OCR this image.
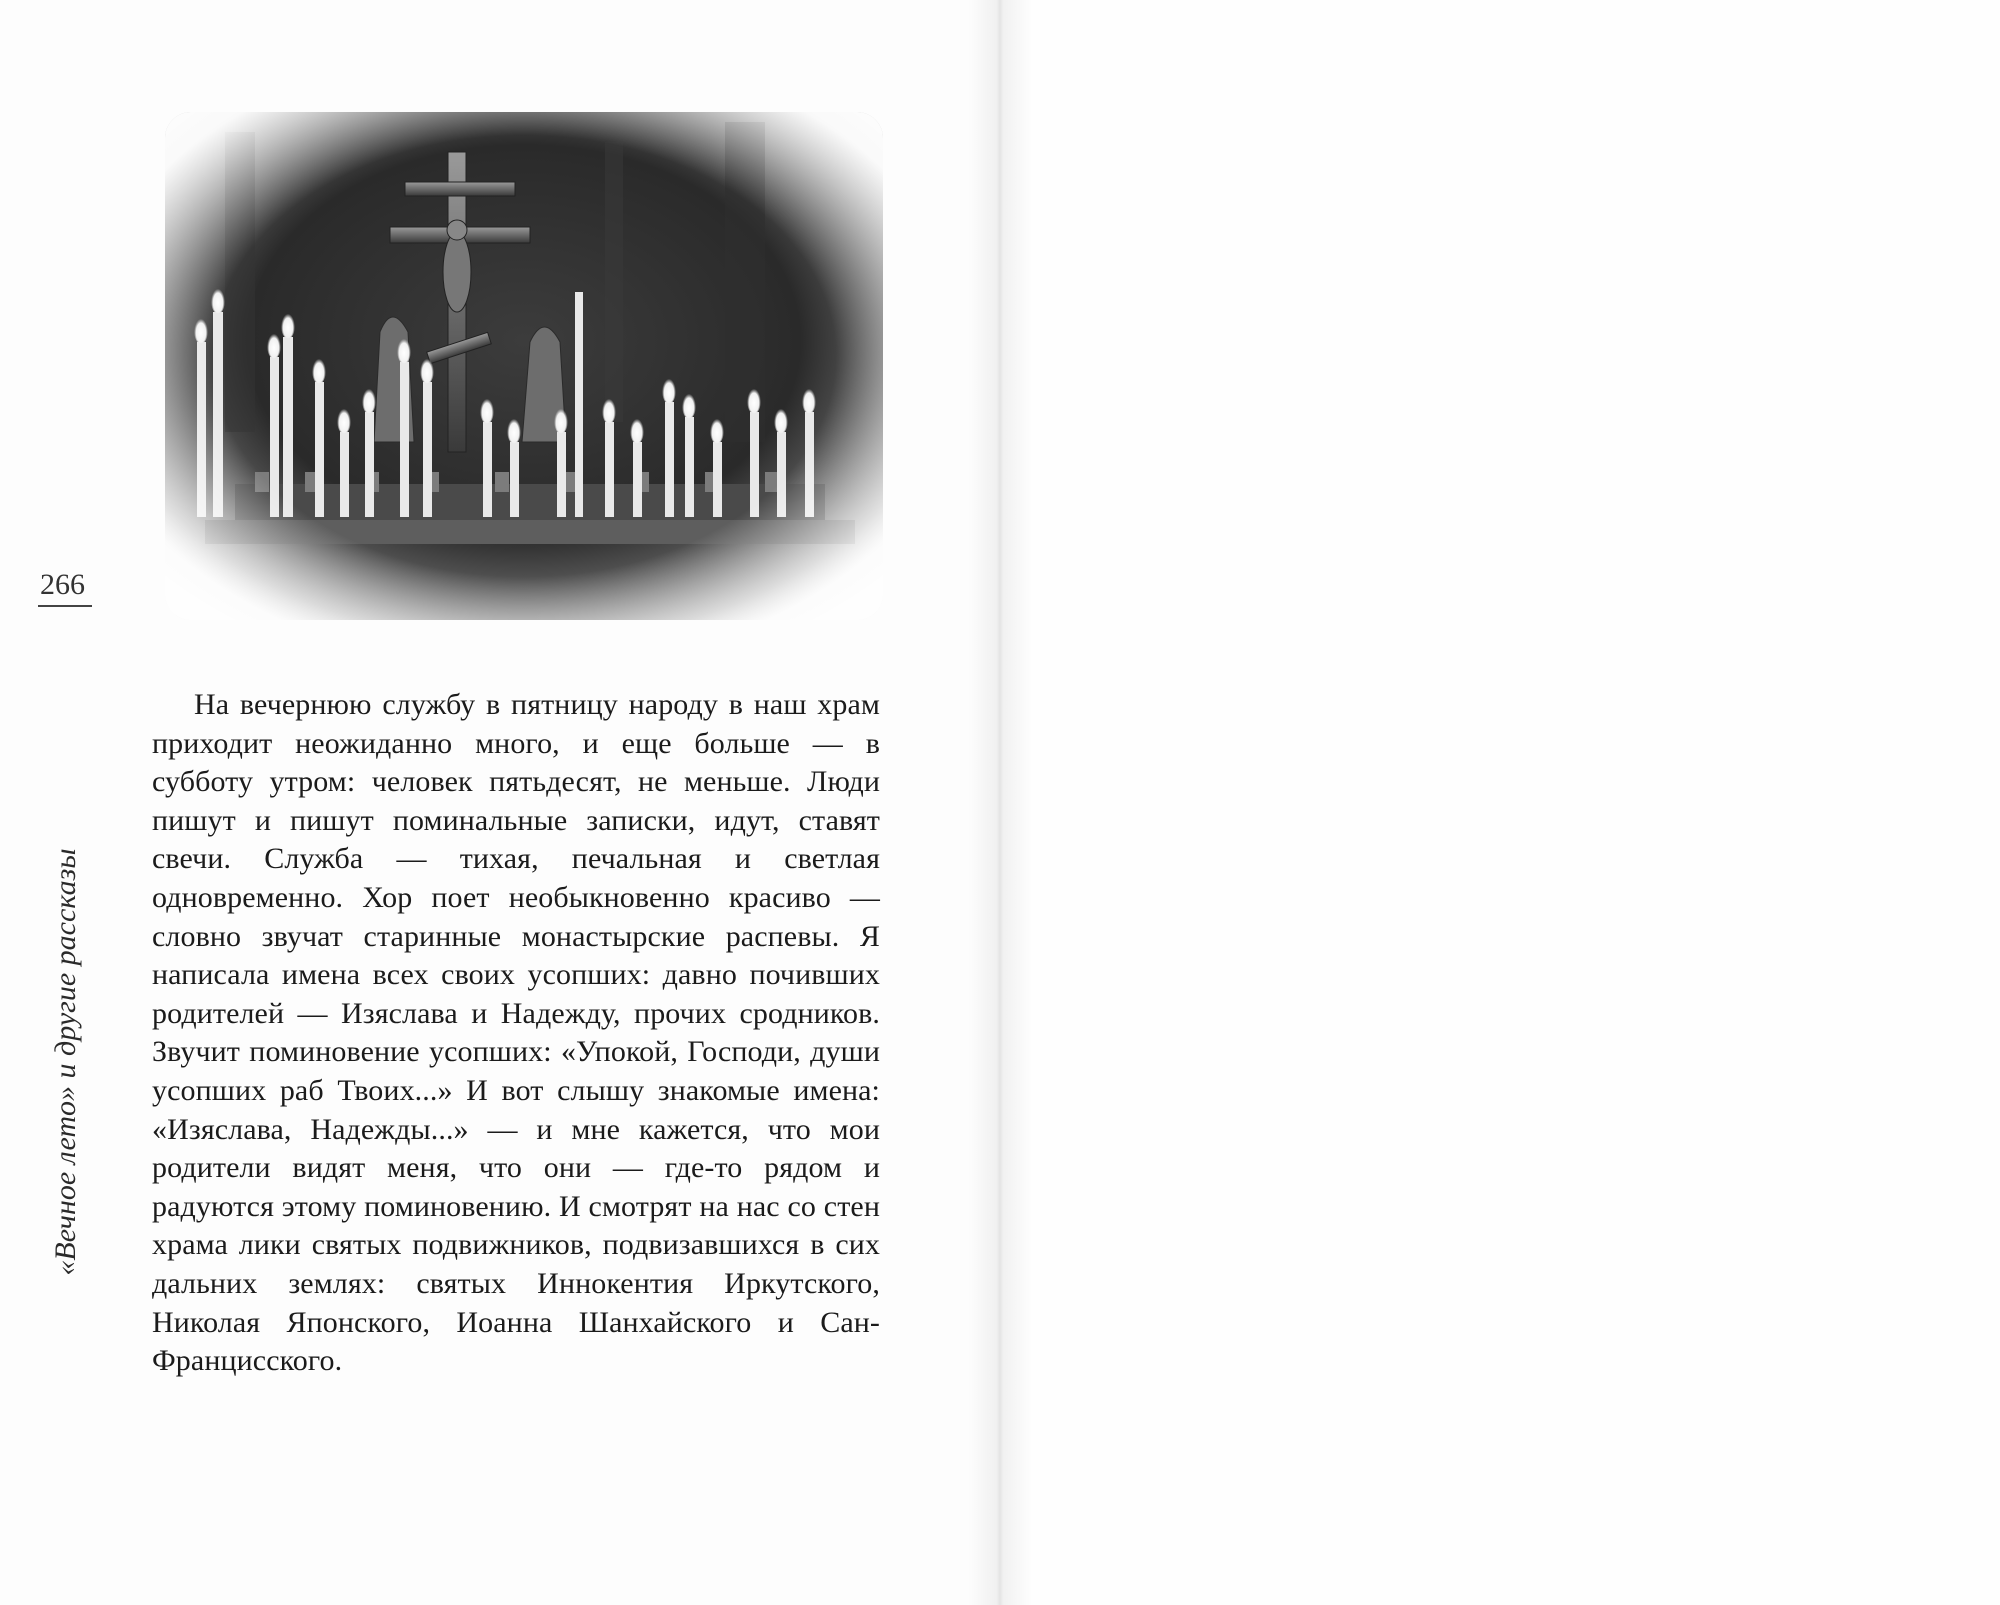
266
«Вечное лето» и другие рассказы

На вечернюю службу в пятницу народу в наш храм приходит неожиданно много, и еще больше — в субботу утром: человек пятьдесят, не меньше. Люди пишут и пишут поминальные записки, идут, ставят свечи. Служба — тихая, печальная и светлая одновременно. Хор поет необыкновенно красиво — словно звучат старинные монастырские распевы. Я написала имена всех своих усопших: давно почивших родителей — Изяслава и Надежду, прочих сродников. Звучит поминовение усопших: «Упокой, Господи, души усопших раб Твоих...» И вот слышу знакомые имена: «Изяслава, Надежды...» — и мне кажется, что мои родители видят меня, что они — где-то рядом и радуются этому поминовению. И смотрят на нас со стен храма лики святых подвижников, подвизавшихся в сих дальних землях: святых Иннокентия Иркутского, Николая Японского, Иоанна Шанхайского и Сан-Францисского.
